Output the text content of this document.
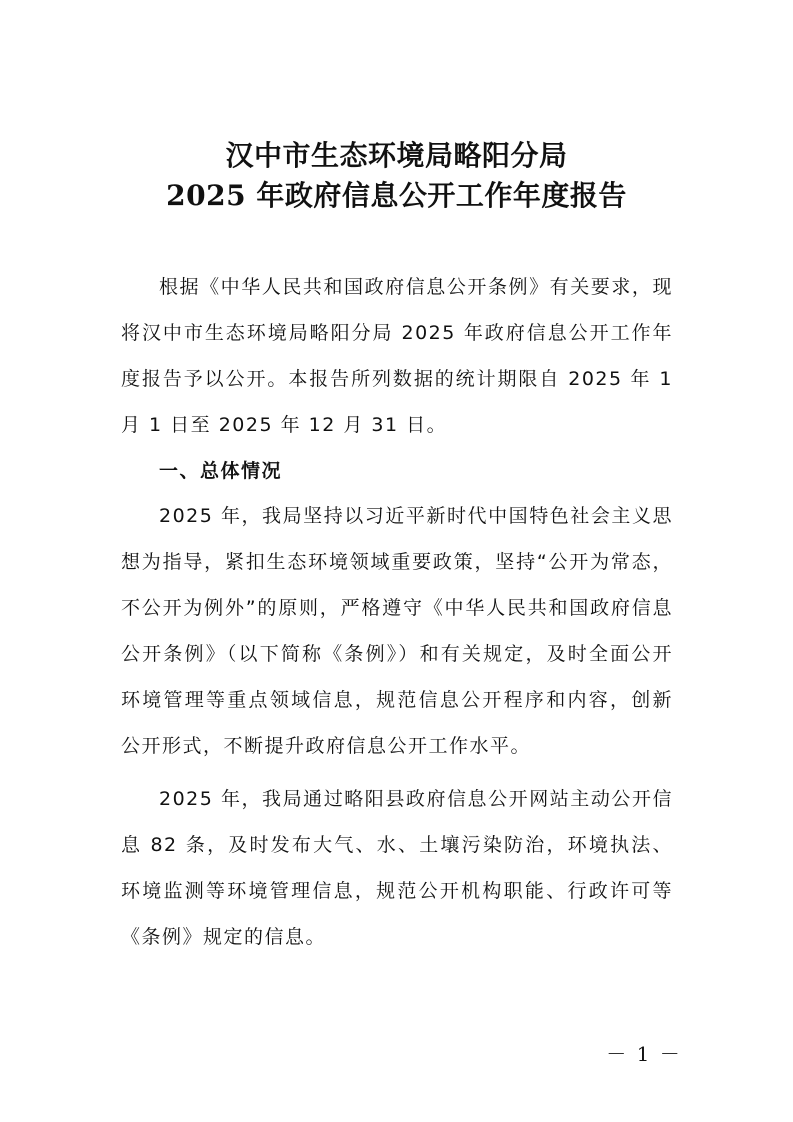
汉中市生态环境局略阳分局
2025 年政府信息公开工作年度报告

根据《中华人民共和国政府信息公开条例》有关要求，现将汉中市生态环境局略阳分局 2025 年政府信息公开工作年度报告予以公开。本报告所列数据的统计期限自 2025 年 1 月 1 日至 2025 年 12 月 31 日。

一、总体情况

2025 年，我局坚持以习近平新时代中国特色社会主义思想为指导，紧扣生态环境领域重要政策，坚持“公开为常态，不公开为例外”的原则，严格遵守《中华人民共和国政府信息公开条例》（以下简称《条例》）和有关规定，及时全面公开环境管理等重点领域信息，规范信息公开程序和内容，创新公开形式，不断提升政府信息公开工作水平。

2025 年，我局通过略阳县政府信息公开网站主动公开信息 82 条，及时发布大气、水、土壤污染防治，环境执法、环境监测等环境管理信息，规范公开机构职能、行政许可等《条例》规定的信息。

－ 1 －
